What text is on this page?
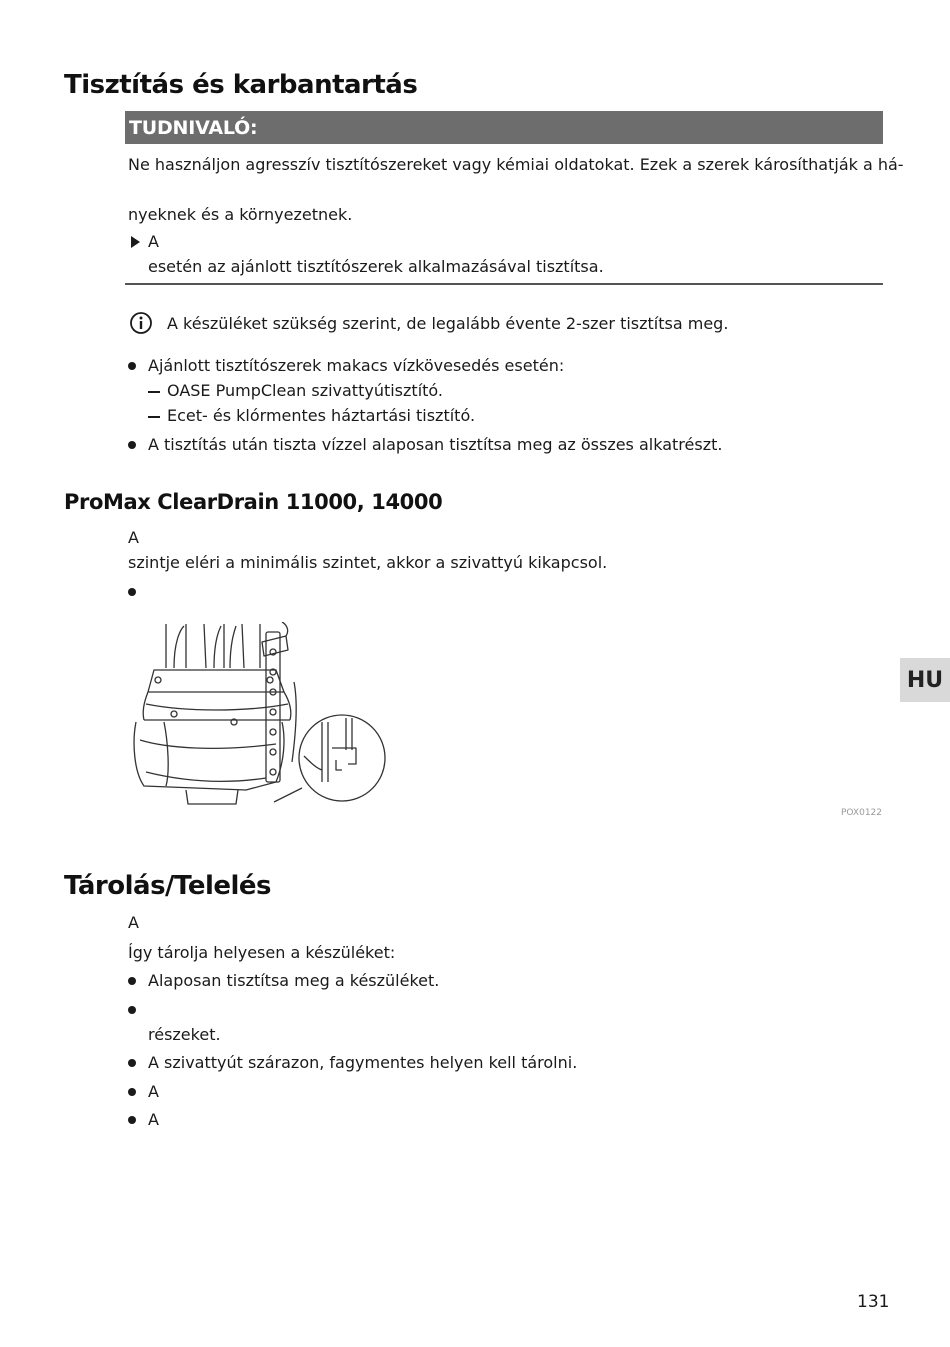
Tisztítás és karbantartás
TUDNIVALÓ:
Ne használjon agresszív tisztítószereket vagy kémiai oldatokat. Ezek a szerek károsíthatják a há-
nyeknek és a környezetnek.
A
esetén az ajánlott tisztítószerek alkalmazásával tisztítsa.
A készüléket szükség szerint, de legalább évente 2-szer tisztítsa meg.
Ajánlott tisztítószerek makacs vízkövesedés esetén:
OASE PumpClean szivattyútisztító.
Ecet- és klórmentes háztartási tisztító.
A tisztítás után tiszta vízzel alaposan tisztítsa meg az összes alkatrészt.
ProMax ClearDrain 11000, 14000
A
szintje eléri a minimális szintet, akkor a szivattyú kikapcsol.
POX0122
HU
Tárolás/Telelés
A
Így tárolja helyesen a készüléket:
Alaposan tisztítsa meg a készüléket.
részeket.
A szivattyút szárazon, fagymentes helyen kell tárolni.
A
A
131
